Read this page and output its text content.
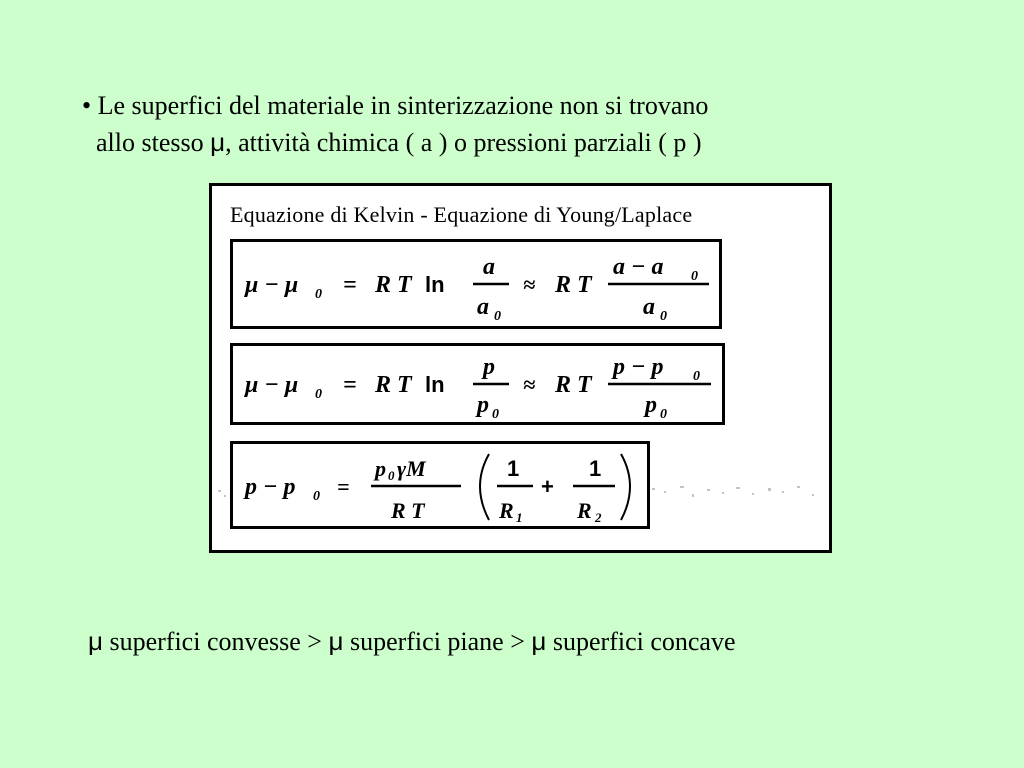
• Le superfici del materiale in sinterizzazione non si trovano
allo stesso μ, attività chimica ( a ) o pressioni parziali ( p )
Equazione di Kelvin - Equazione di Young/Laplace
μ − μ 0 = R T ln
a
a 0
≈ R T
a − a 0
a 0
μ − μ 0 = R T ln
p
p 0
≈ R T
p − p 0
p 0
p − p 0 =
p 0 γM
R T
1
R 1
+
1
R 2
μ superfici convesse > μ superfici piane > μ superfici concave
